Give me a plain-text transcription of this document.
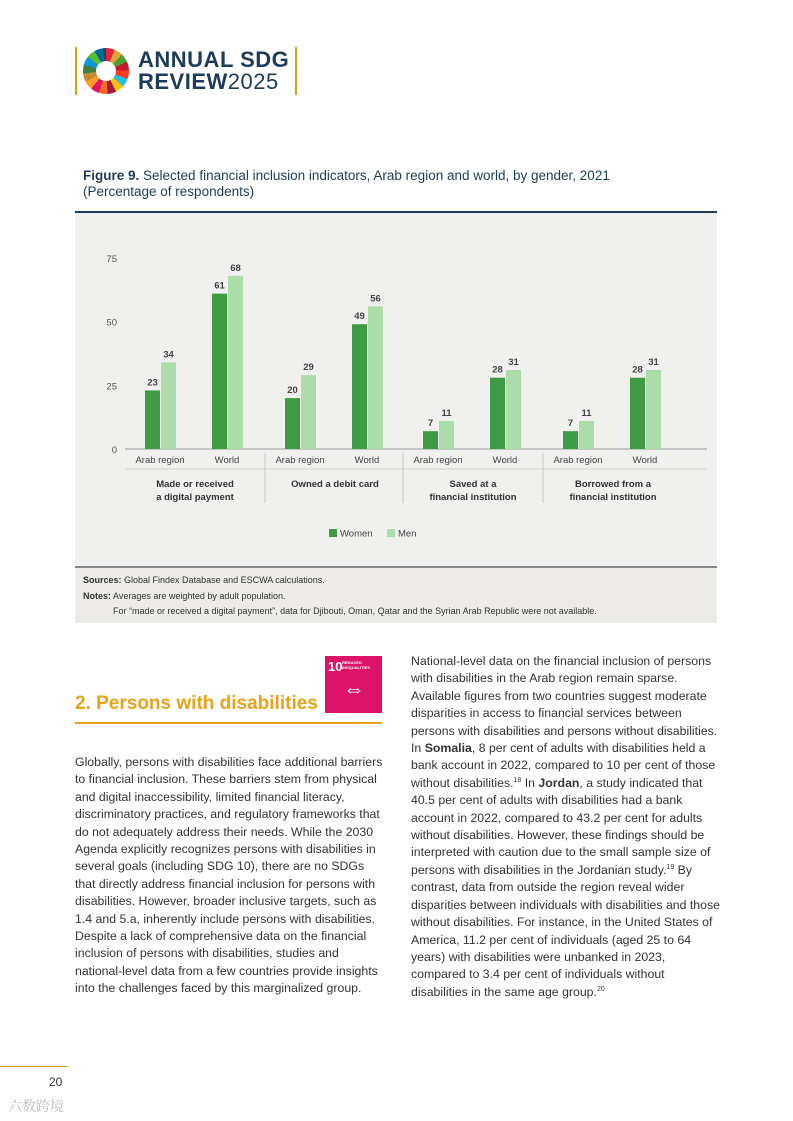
ANNUAL SDG
REVIEW2025
Figure 9. Selected financial inclusion indicators, Arab region and world, by gender, 2021
(Percentage of respondents)
0
25
50
75
23
34
Arab region
61
68
World
Made or received
a digital payment
20
29
Arab region
49
56
World
Owned a debit card
7
11
Arab region
28
31
World
Saved at a
financial institution
7
11
Arab region
28
31
World
Borrowed from a
financial institution
Women	Men
Sources: Global Findex Database and ESCWA calculations.
Notes: Averages are weighted by adult population.
For “made or received a digital payment”, data for Djibouti, Oman, Qatar and the Syrian Arab Republic were not available.
10 REDUCED INEQUALITIES
⇔
2. Persons with disabilities
Globally, persons with disabilities face additional barriers to financial inclusion. These barriers stem from physical and digital inaccessibility, limited financial literacy, discriminatory practices, and regulatory frameworks that do not adequately address their needs. While the 2030 Agenda explicitly recognizes persons with disabilities in several goals (including SDG 10), there are no SDGs that directly address financial inclusion for persons with disabilities. However, broader inclusive targets, such as 1.4 and 5.a, inherently include persons with disabilities. Despite a lack of comprehensive data on the financial inclusion of persons with disabilities, studies and national-level data from a few countries provide insights into the challenges faced by this marginalized group.
National-level data on the financial inclusion of persons with disabilities in the Arab region remain sparse. Available figures from two countries suggest moderate disparities in access to financial services between persons with disabilities and persons without disabilities. In Somalia, 8 per cent of adults with disabilities held a bank account in 2022, compared to 10 per cent of those without disabilities.$^{18}$ In Jordan, a study indicated that 40.5 per cent of adults with disabilities had a bank account in 2022, compared to 43.2 per cent for adults without disabilities. However, these findings should be interpreted with caution due to the small sample size of persons with disabilities in the Jordanian study.$^{19}$ By contrast, data from outside the region reveal wider disparities between individuals with disabilities and those without disabilities. For instance, in the United States of America, 11.2 per cent of individuals (aged 25 to 64 years) with disabilities were unbanked in 2023, compared to 3.4 per cent of individuals without disabilities in the same age group.$^{20}$
20
六数跨境
